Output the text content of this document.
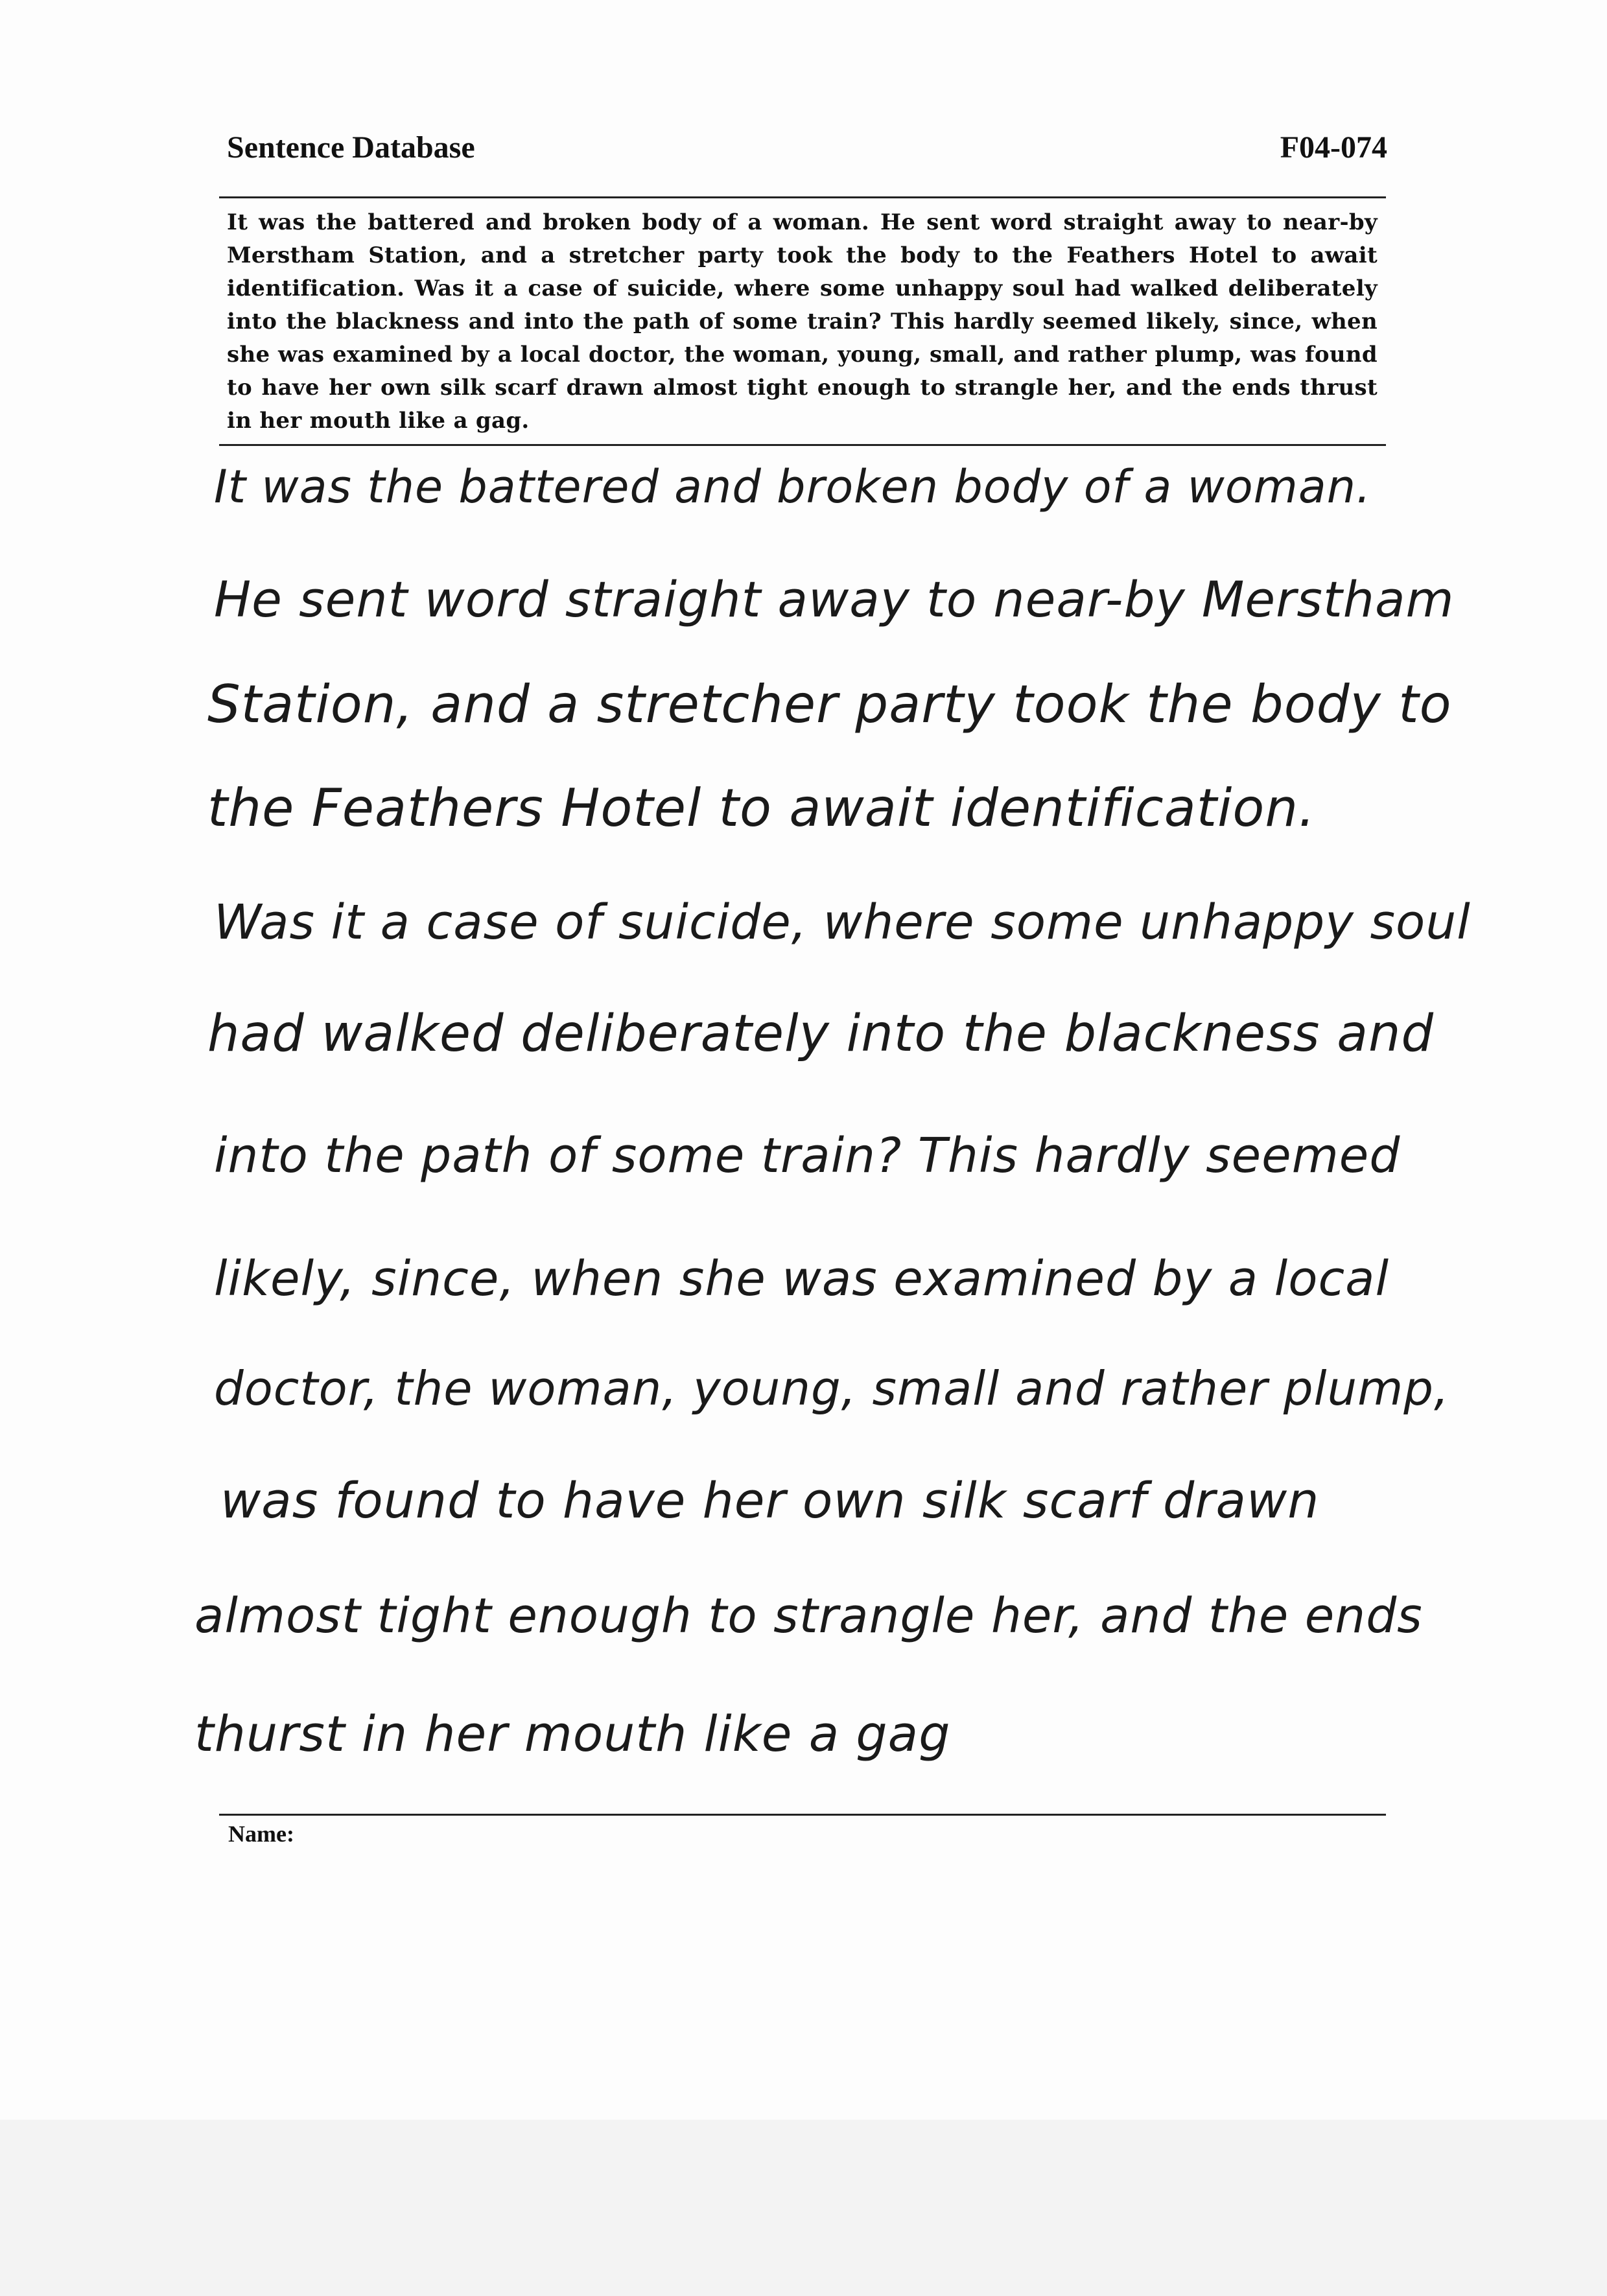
Sentence Database	F04-074
It was the battered and broken body of a woman. He sent word straight away to near-by Merstham Station, and a stretcher party took the body to the Feathers Hotel to await identification. Was it a case of suicide, where some unhappy soul had walked deliberately into the blackness and into the path of some train? This hardly seemed likely, since, when she was examined by a local doctor, the woman, young, small, and rather plump, was found to have her own silk scarf drawn almost tight enough to strangle her, and the ends thrust in her mouth like a gag.
It was the battered and broken body of a woman.
He sent word straight away to near-by Merstham
Station, and a stretcher party took the body to
the Feathers Hotel to await identification.
Was it a case of suicide, where some unhappy soul
had walked deliberately into the blackness and
into the path of some train? This hardly seemed
likely, since, when she was examined by a local
doctor, the woman, young, small and rather plump,
was found to have her own silk scarf drawn
almost tight enough to strangle her, and the ends
thurst in her mouth like a gag
Name:
